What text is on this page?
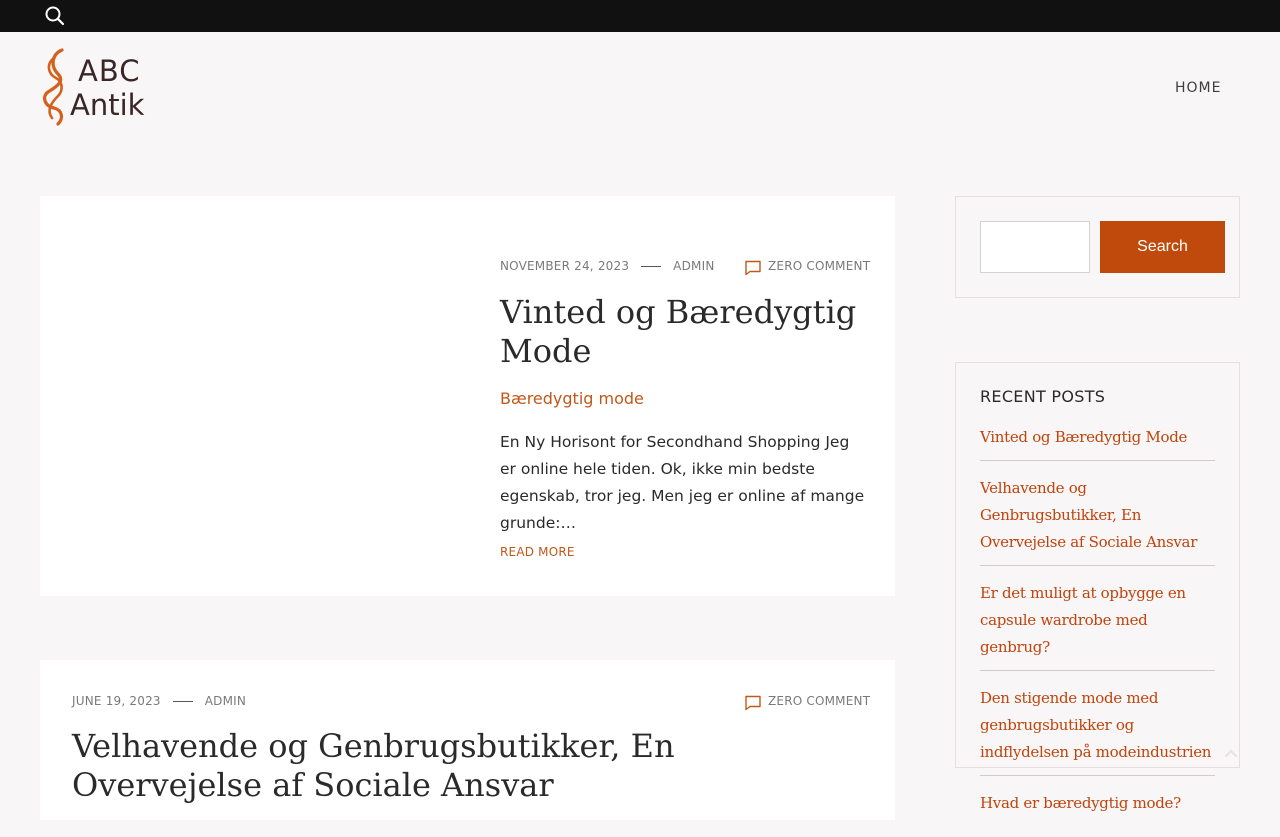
ABC
Antik	HOME
NOVEMBER 24, 2023	ADMIN	ZERO COMMENT
Vinted og Bæredygtig Mode
Bæredygtig mode

En Ny Horisont for Secondhand Shopping Jeg er online hele tiden. Ok, ikke min bedste egenskab, tror jeg. Men jeg er online af mange grunde:…

READ MORE
JUNE 19, 2023	ADMIN	ZERO COMMENT
Velhavende og Genbrugsbutikker, En Overvejelse af Sociale Ansvar
Search
RECENT POSTS
Vinted og Bæredygtig Mode
Velhavende og Genbrugsbutikker, En Overvejelse af Sociale Ansvar
Er det muligt at opbygge en capsule wardrobe med genbrug?
Den stigende mode med genbrugsbutikker og indflydelsen på modeindustrien
Hvad er bæredygtig mode?
